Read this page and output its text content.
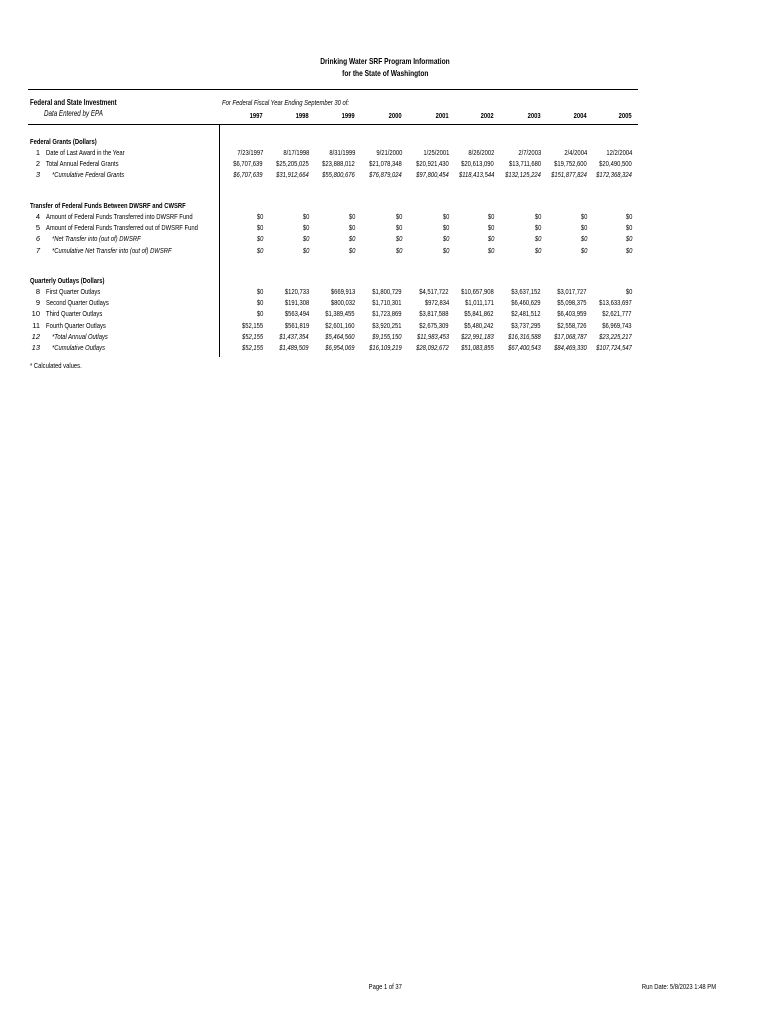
Drinking Water SRF Program Information
for the State of Washington
Federal and State Investment
Data Entered by EPA
For Federal Fiscal Year Ending September 30 of:
1997	1998	1999	2000	2001	2002	2003	2004	2005
Federal Grants (Dollars)
1 Date of Last Award in the Year	7/23/1997	8/17/1998	8/31/1999	9/21/2000	1/25/2001	8/26/2002	2/7/2003	2/4/2004	12/2/2004
2 Total Annual Federal Grants	$6,707,639	$25,205,025	$23,888,012	$21,078,348	$20,921,430	$20,613,090	$13,711,680	$19,752,600	$20,490,500
3 *Cumulative Federal Grants	$6,707,639	$31,912,664	$55,800,676	$76,879,024	$97,800,454	$118,413,544	$132,125,224	$151,877,824	$172,368,324
Transfer of Federal Funds Between DWSRF and CWSRF
4 Amount of Federal Funds Transferred into DWSRF Fund	$0	$0	$0	$0	$0	$0	$0	$0	$0
5 Amount of Federal Funds Transferred out of DWSRF Fund	$0	$0	$0	$0	$0	$0	$0	$0	$0
6 *Net Transfer into (out of) DWSRF	$0	$0	$0	$0	$0	$0	$0	$0	$0
7 *Cumulative Net Transfer into (out of) DWSRF	$0	$0	$0	$0	$0	$0	$0	$0	$0
Quarterly Outlays (Dollars)
8 First Quarter Outlays	$0	$120,733	$669,913	$1,800,729	$4,517,722	$10,657,908	$3,637,152	$3,017,727	$0
9 Second Quarter Outlays	$0	$191,308	$800,032	$1,710,301	$972,834	$1,011,171	$6,460,629	$5,098,375	$13,633,697
10 Third Quarter Outlays	$0	$563,494	$1,389,455	$1,723,869	$3,817,588	$5,841,862	$2,481,512	$6,403,959	$2,621,777
11 Fourth Quarter Outlays	$52,155	$561,819	$2,601,160	$3,920,251	$2,675,309	$5,480,242	$3,737,295	$2,558,726	$6,969,743
12 *Total Annual Outlays	$52,155	$1,437,354	$5,464,560	$9,155,150	$11,983,453	$22,991,183	$16,316,588	$17,068,787	$23,225,217
13 *Cumulative Outlays	$52,155	$1,489,509	$6,954,069	$16,109,219	$28,092,672	$51,083,855	$67,400,543	$84,469,330	$107,724,547
* Calculated values.
Page 1 of 37	Run Date: 5/8/2023 1:48 PM
